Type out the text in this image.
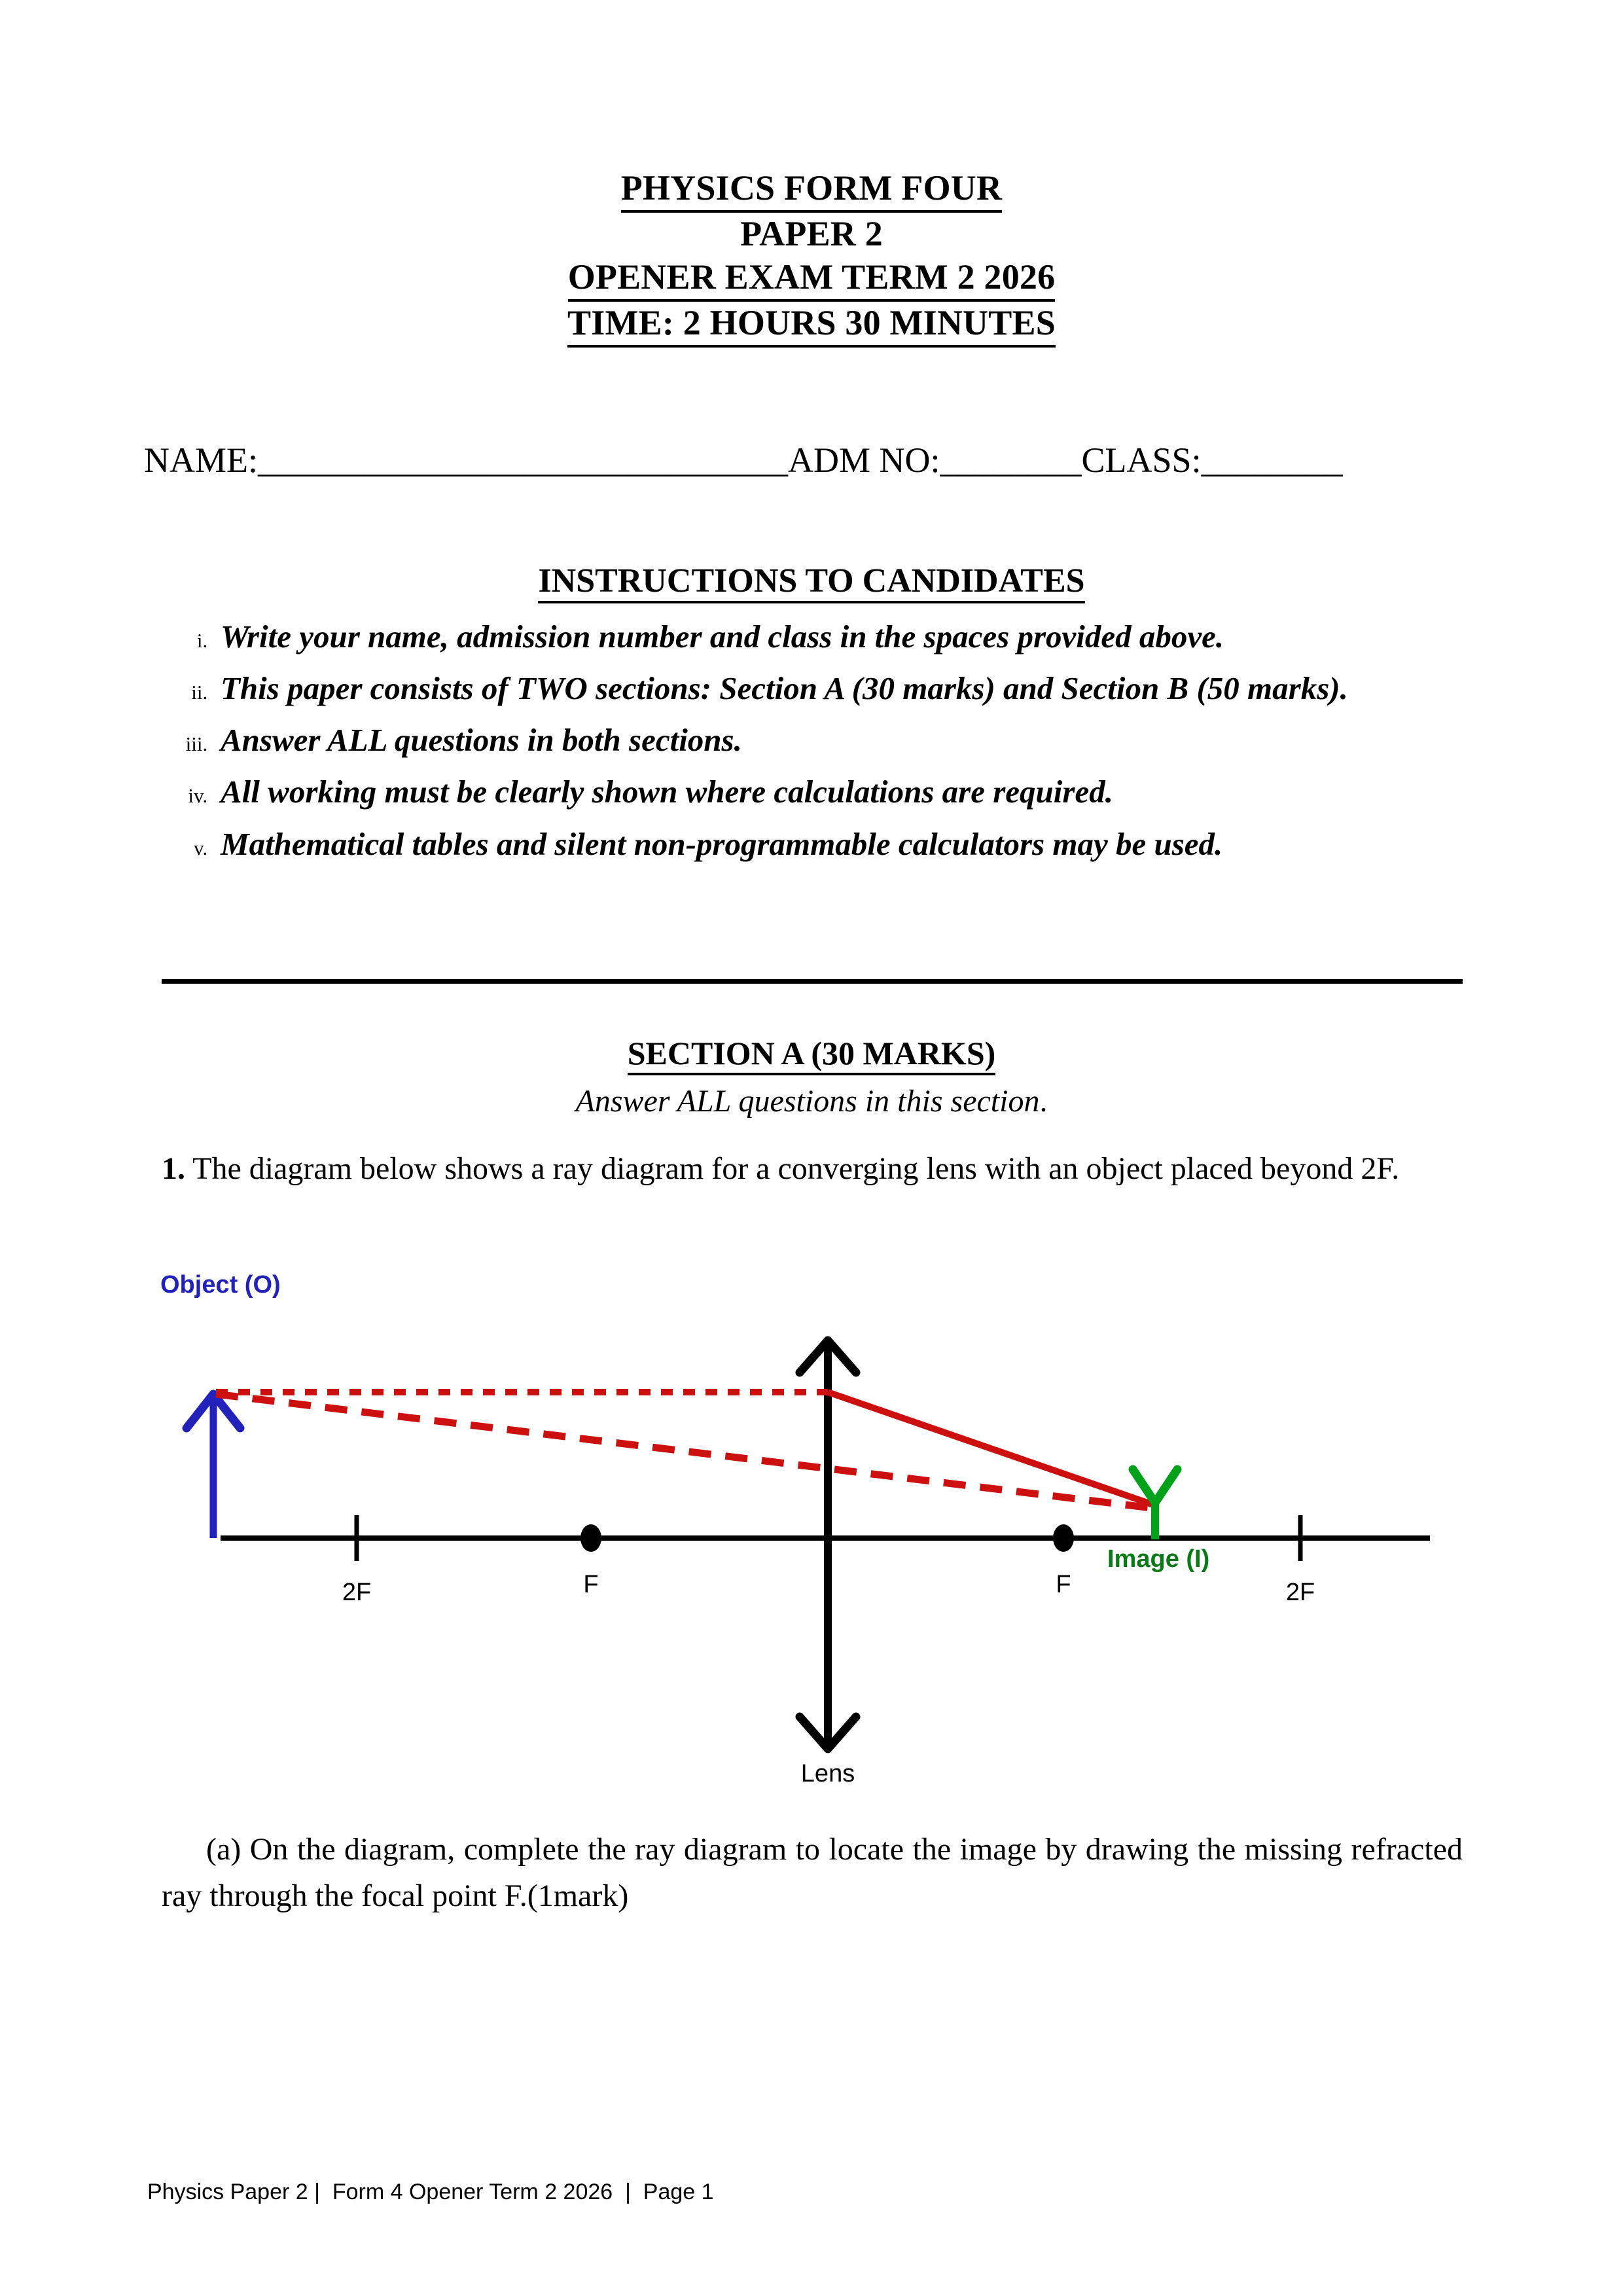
PHYSICS FORM FOUR
PAPER 2
OPENER EXAM TERM 2 2026
TIME: 2 HOURS 30 MINUTES
NAME:______________________________ADM NO:________CLASS:________
INSTRUCTIONS TO CANDIDATES
i. Write your name, admission number and class in the spaces provided above.
ii. This paper consists of TWO sections: Section A (30 marks) and Section B (50 marks).
iii. Answer ALL questions in both sections.
iv. All working must be clearly shown where calculations are required.
v. Mathematical tables and silent non-programmable calculators may be used.
SECTION A (30 MARKS)
Answer ALL questions in this section.
1. The diagram below shows a ray diagram for a converging lens with an object placed beyond 2F.
Image (I)
2F	F	F	2F
Lens
Object (O)
(a) On the diagram, complete the ray diagram to locate the image by drawing the missing refracted ray through the focal point F.(1mark)
Physics Paper 2 |  Form 4 Opener Term 2 2026  |  Page 1
